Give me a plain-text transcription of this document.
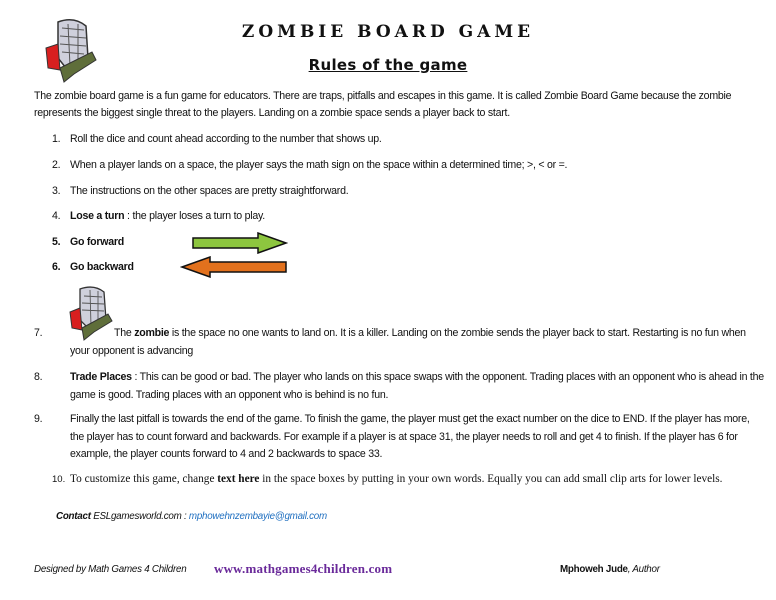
ZOMBIE BOARD GAME
Rules of the game
The zombie board game is a fun game for educators. There are traps, pitfalls and escapes in this game. It is called Zombie Board Game because the zombie represents the biggest single threat to the players. Landing on a zombie space sends a player back to start.
1. Roll the dice and count ahead according to the number that shows up.
2. When a player lands on a space, the player says the math sign on the space within a determined time; >, < or =.
3. The instructions on the other spaces are pretty straightforward.
4. Lose a turn : the player loses a turn to play.
5. Go forward
6. Go backward
7.	The zombie is the space no one wants to land on. It is a killer. Landing on the zombie sends the player back to start. Restarting is no fun when your opponent is advancing
8.	Trade Places : This can be good or bad. The player who lands on this space swaps with the opponent. Trading places with an opponent who is ahead in the game is good. Trading places with an opponent who is behind is no fun.
9.	Finally the last pitfall is towards the end of the game. To finish the game, the player must get the exact number on the dice to END. If the player has more, the player has to count forward and backwards. For example if a player is at space 31, the player needs to roll and get 4 to finish. If the player has 6 for example, the player counts forward to 4 and 2 backwards to space 33.
10. To customize this game, change text here in the space boxes by putting in your own words. Equally you can add small clip arts for lower levels.
Contact ESLgamesworld.com : mphowehnzembayie@gmail.com
Designed by Math Games 4 Children www.mathgames4children.com	Mphoweh Jude, Author
